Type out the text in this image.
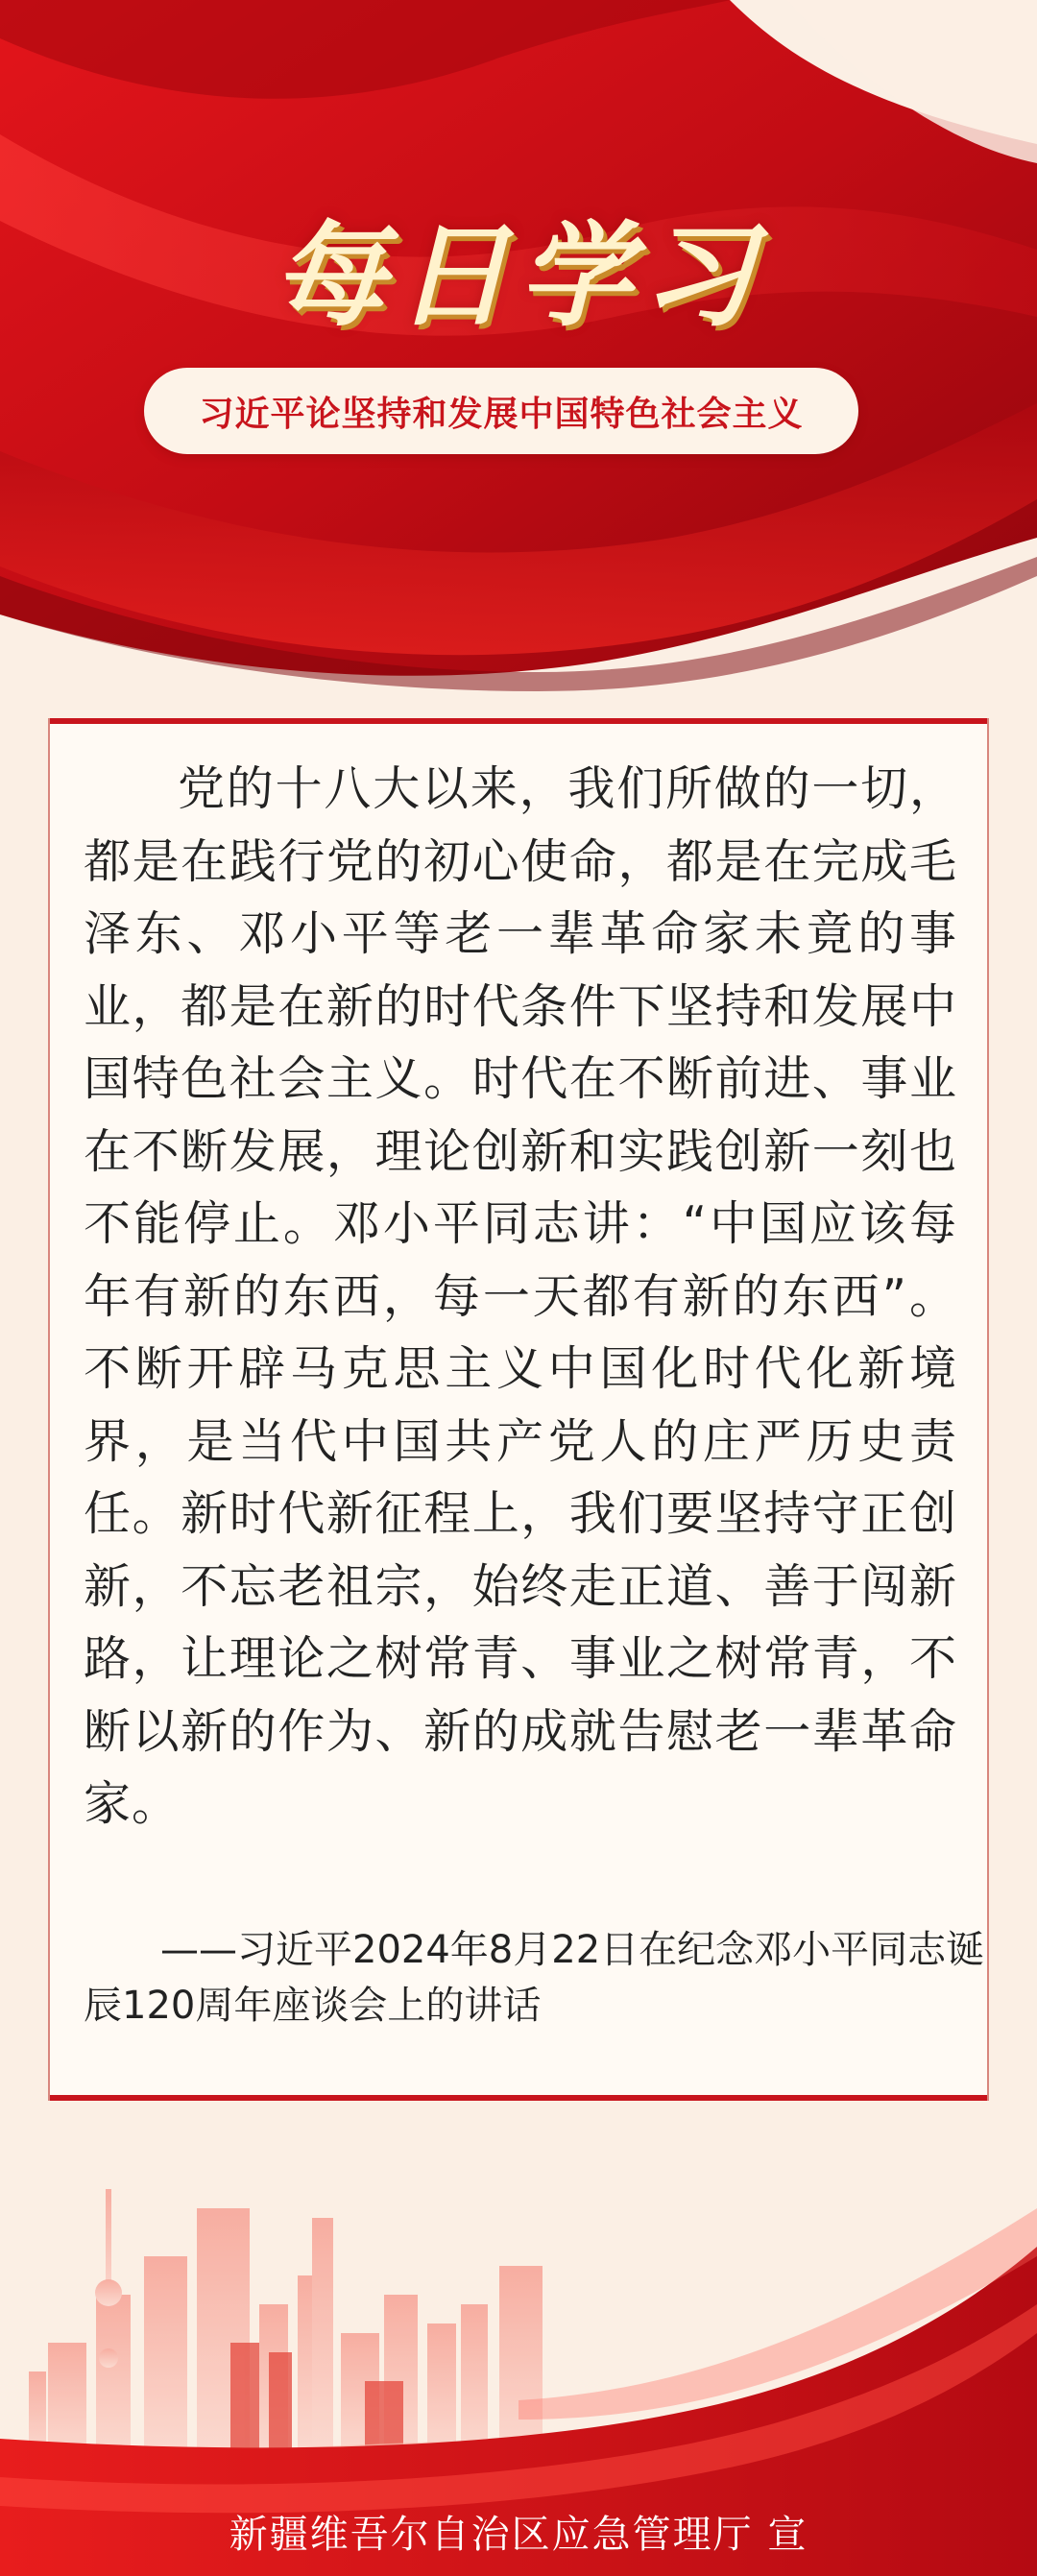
每日学习
习近平论坚持和发展中国特色社会主义

党的十八大以来，我们所做的一切，都是在践行党的初心使命，都是在完成毛泽东、邓小平等老一辈革命家未竟的事业，都是在新的时代条件下坚持和发展中国特色社会主义。时代在不断前进、事业在不断发展，理论创新和实践创新一刻也不能停止。邓小平同志讲：“中国应该每年有新的东西，每一天都有新的东西”。不断开辟马克思主义中国化时代化新境界，是当代中国共产党人的庄严历史责任。新时代新征程上，我们要坚持守正创新，不忘老祖宗，始终走正道、善于闯新路，让理论之树常青、事业之树常青，不断以新的作为、新的成就告慰老一辈革命家。

——习近平2024年8月22日在纪念邓小平同志诞辰120周年座谈会上的讲话

新疆维吾尔自治区应急管理厅 宣
